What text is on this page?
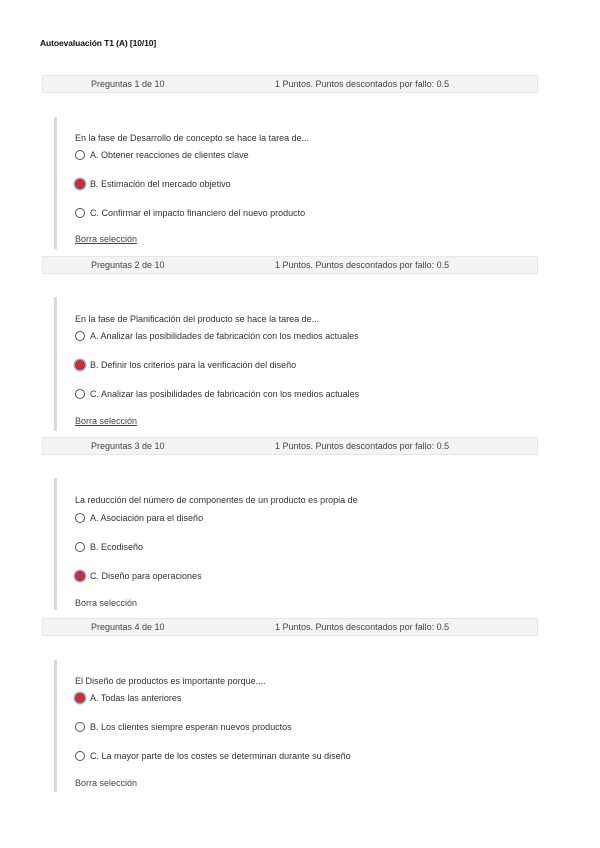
Autoevaluación T1 (A) [10/10]
Preguntas 1 de 10	1 Puntos. Puntos descontados por fallo: 0.5
En la fase de Desarrollo de concepto se hace la tarea de...
A. Obtener reacciones de clientes clave
B. Estimación del mercado objetivo
C. Confirmar el impacto financiero del nuevo producto
Borra selección
Preguntas 2 de 10	1 Puntos. Puntos descontados por fallo: 0.5
En la fase de Planificación del producto se hace la tarea de...
A. Analizar las posibilidades de fabricación con los medios actuales
B. Definir los criterios para la verificación del diseño
C. Analizar las posibilidades de fabricación con los medios actuales
Borra selección
Preguntas 3 de 10	1 Puntos. Puntos descontados por fallo: 0.5
La reducción del número de componentes de un producto es propia de
A. Asociación para el diseño
B. Ecodiseño
C. Diseño para operaciones
Borra selección
Preguntas 4 de 10	1 Puntos. Puntos descontados por fallo: 0.5
El Diseño de productos es importante porque....
A. Todas las anteriores
B. Los clientes siempre esperan nuevos productos
C. La mayor parte de los costes se determinan durante su diseño
Borra selección
